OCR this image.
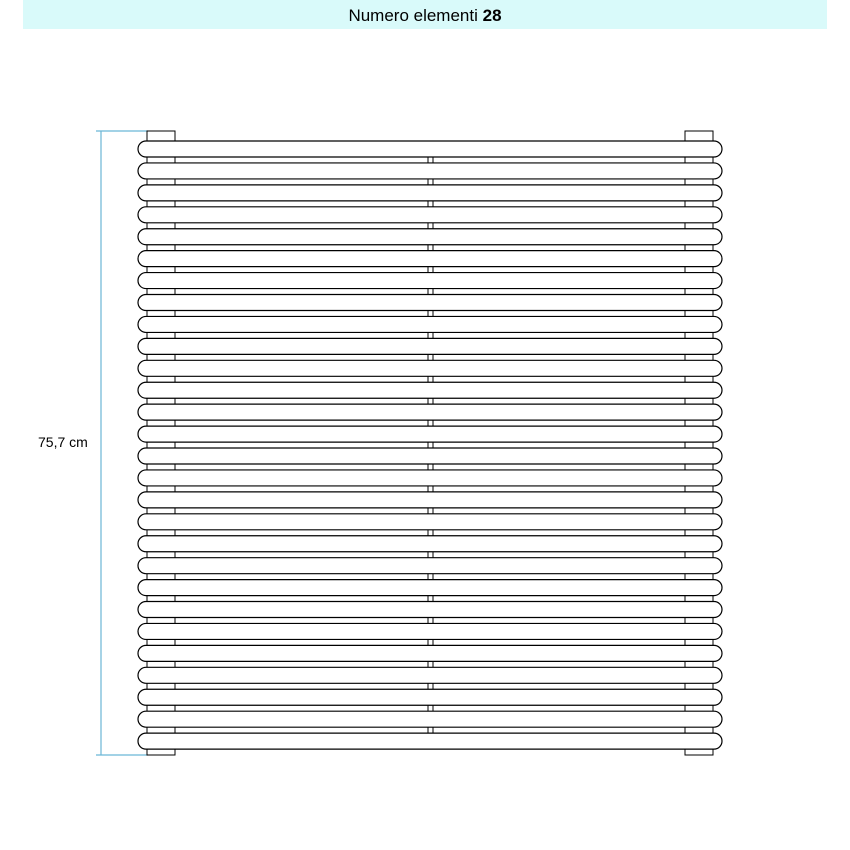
Numero elementi 28
75,7 cm
